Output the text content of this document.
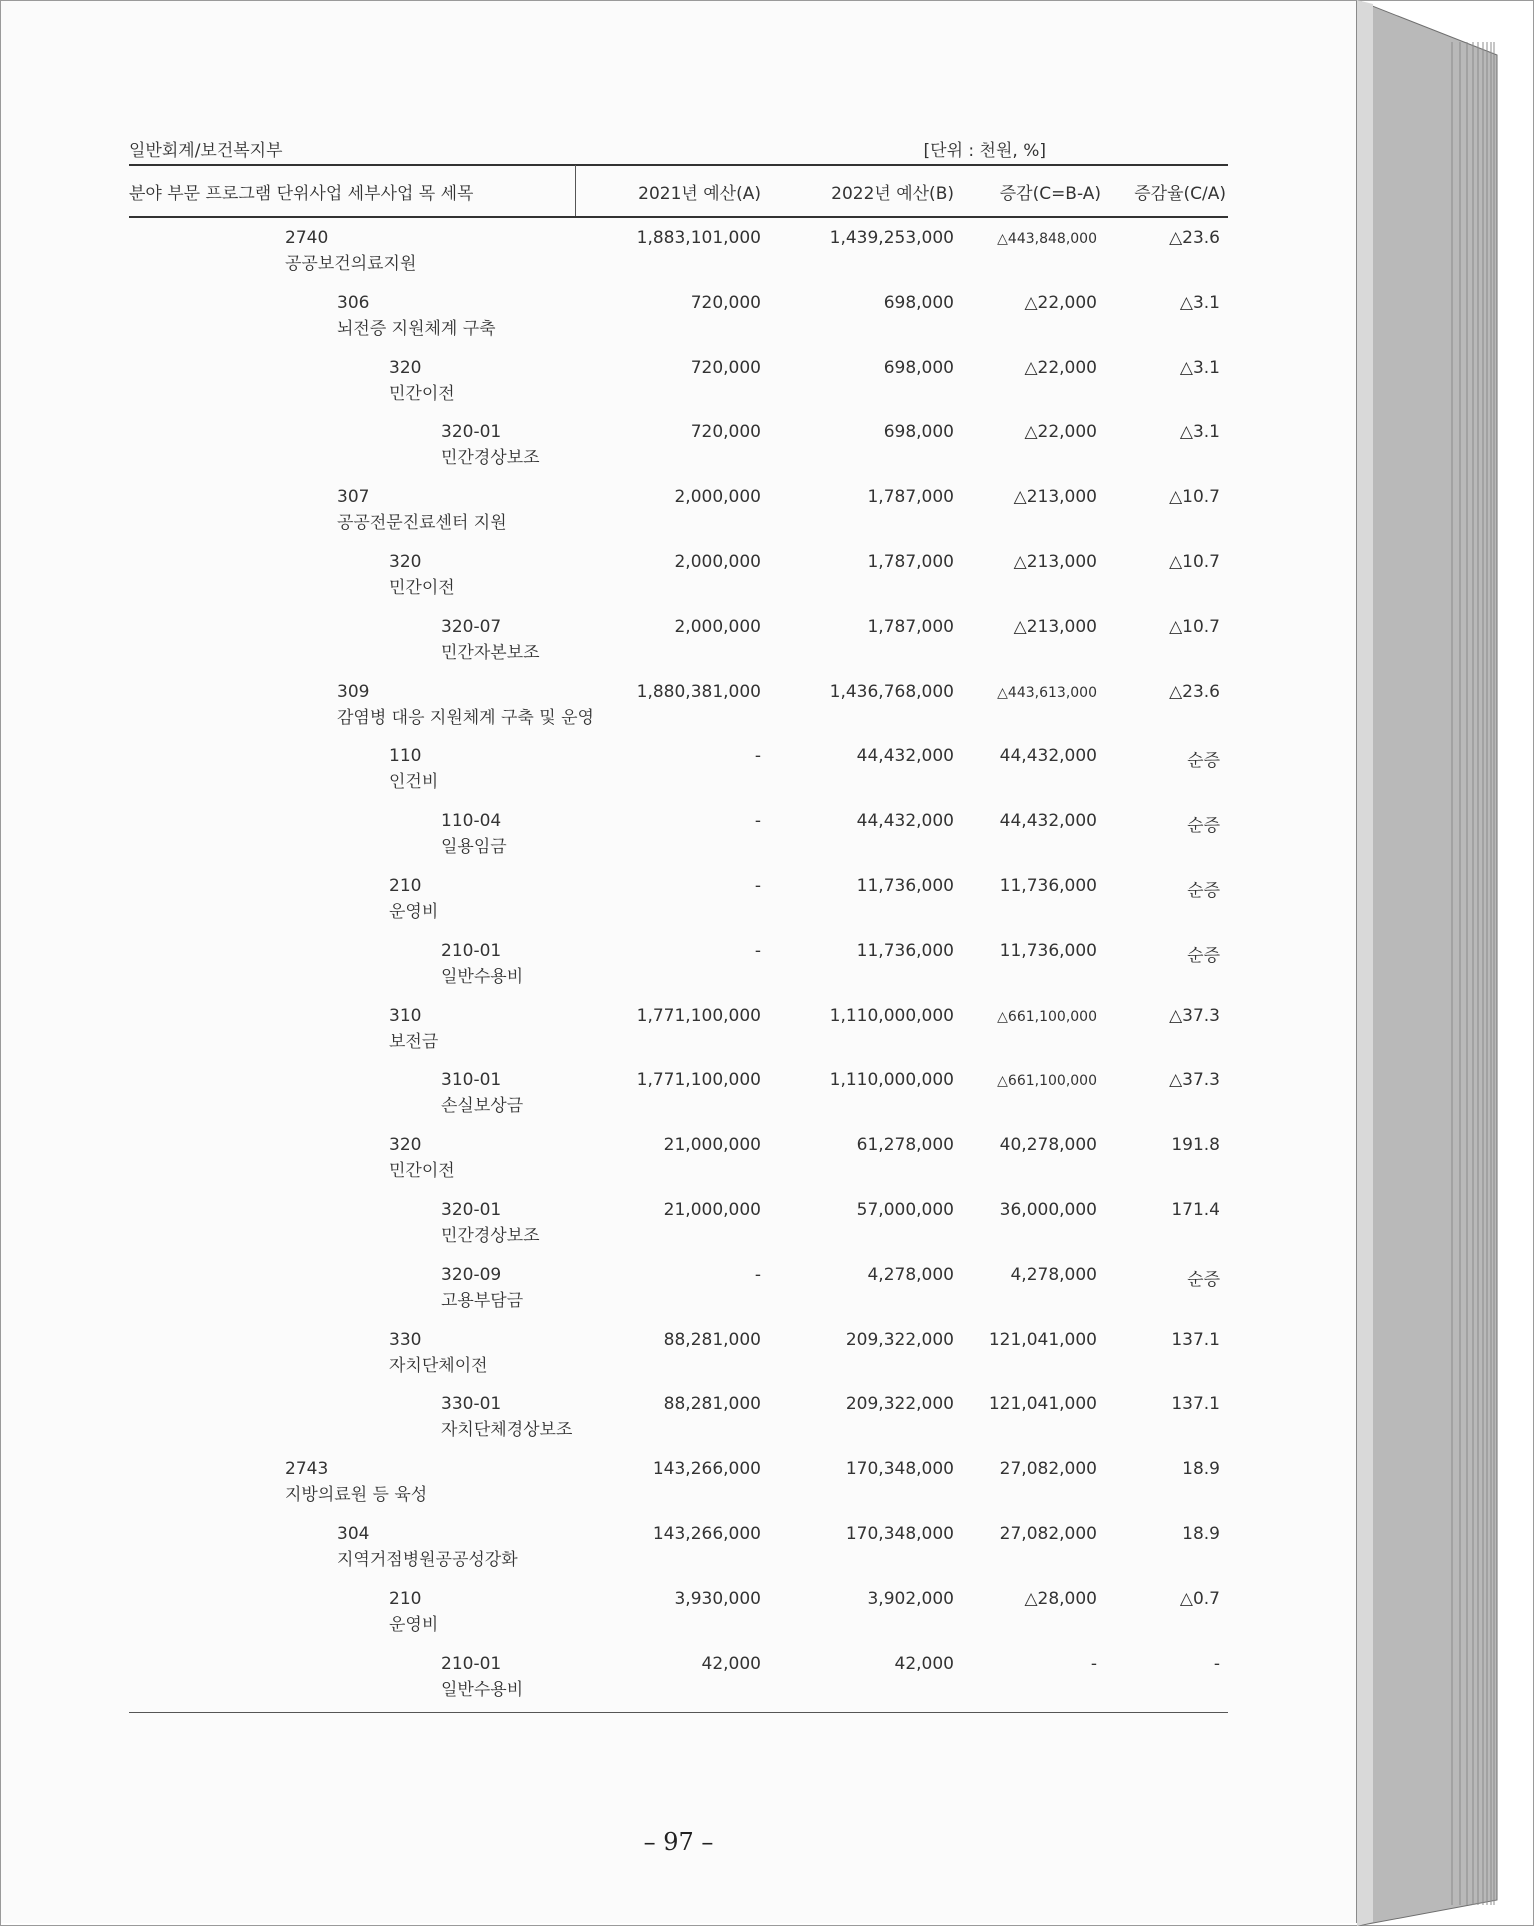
일반회계/보건복지부	[단위 : 천원, %]
분야 부문 프로그램 단위사업 세부사업 목 세목	2021년 예산(A)	2022년 예산(B)	증감(C=B-A) 증감율(C/A)
2740
공공보건의료지원
1,883,101,000	1,439,253,000	△443,848,000	△23.6
306
뇌전증 지원체계 구축
720,000	698,000	△22,000	△3.1
320
민간이전
720,000	698,000	△22,000	△3.1
320-01
민간경상보조
720,000	698,000	△22,000	△3.1
307
공공전문진료센터 지원
2,000,000	1,787,000	△213,000	△10.7
320
민간이전
2,000,000	1,787,000	△213,000	△10.7
320-07
민간자본보조
2,000,000	1,787,000	△213,000	△10.7
309
감염병 대응 지원체계 구축 및 운영
1,880,381,000	1,436,768,000	△443,613,000	△23.6
110
인건비
-	44,432,000	44,432,000	순증
110-04
일용임금
-	44,432,000	44,432,000	순증
210
운영비
-	11,736,000	11,736,000	순증
210-01
일반수용비
-	11,736,000	11,736,000	순증
310
보전금
1,771,100,000	1,110,000,000	△661,100,000	△37.3
310-01
손실보상금
1,771,100,000	1,110,000,000	△661,100,000	△37.3
320
민간이전
21,000,000	61,278,000	40,278,000	191.8
320-01
민간경상보조
21,000,000	57,000,000	36,000,000	171.4
320-09
고용부담금
-	4,278,000	4,278,000	순증
330
자치단체이전
88,281,000	209,322,000 121,041,000	137.1
330-01
자치단체경상보조
88,281,000	209,322,000 121,041,000	137.1
2743
지방의료원 등 육성
143,266,000	170,348,000	27,082,000	18.9
304
지역거점병원공공성강화
143,266,000	170,348,000	27,082,000	18.9
210
운영비
3,930,000	3,902,000	△28,000	△0.7
210-01
일반수용비
42,000	42,000	-	-
– 97 –
